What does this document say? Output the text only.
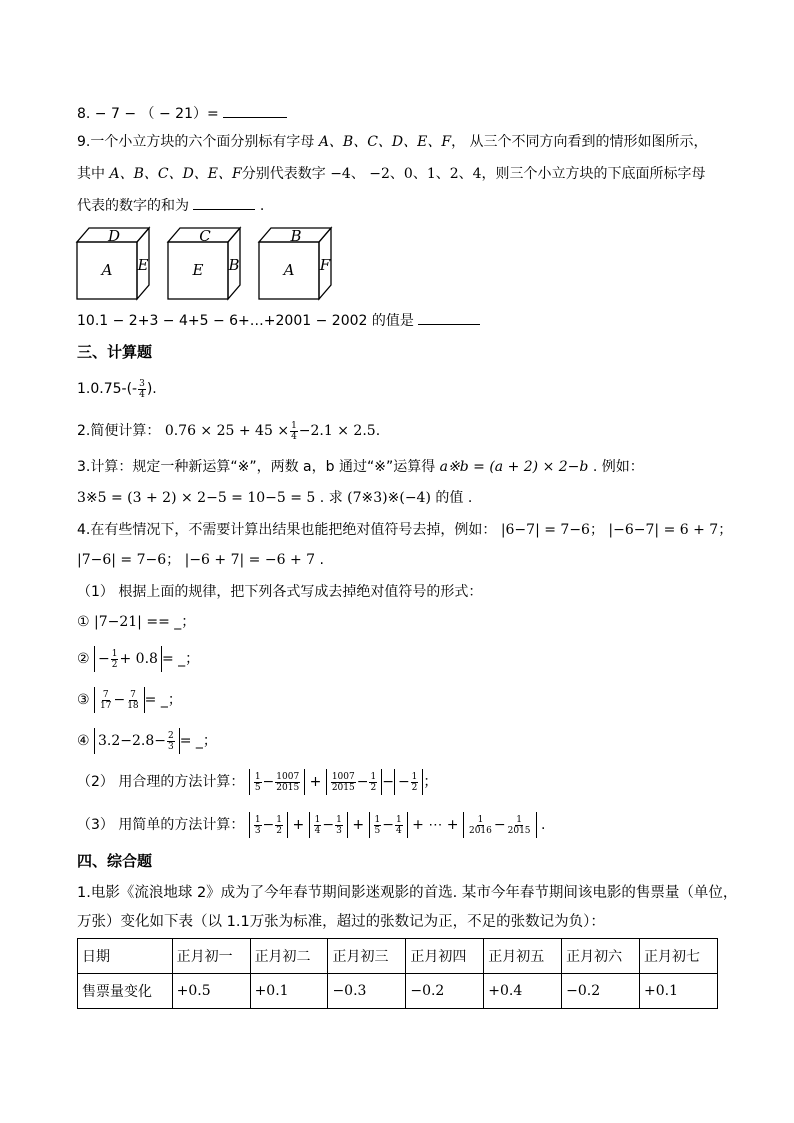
8. − 7 − （ − 21）=
9.一个小立方块的六个面分别标有字母 A、B、C、D、E、F， 从三个不同方向看到的情形如图所示，
其中 A、B、C、D、E、F分别代表数字 −4、 −2、0、1、2、4，则三个小立方块的下底面所标字母
代表的数字的和为	.
D
A E
C
E B
B
A F
10.1 − 2+3 − 4+5 − 6+…+2001 − 2002 的值是
三、计算题
$1.0.75-(- \frac{3}{4}$ ).
2.简便计算： $0.76 \times 25 + 45 \times \frac{1}{4} -2.1 \times 2.5$.
3.计算：规定一种新运算“※”，两数 a，b 通过“※”运算得 a※b = (a + 2) × 2−b . 例如：
3※5 = (3 + 2) × 2−5 = 10−5 = 5 . 求 (7※3)※(−4) 的值 .
4.在有些情况下，不需要计算出结果也能把绝对值符号去掉，例如： |6−7| = 7−6； |−6−7| = 6 + 7；
|7−6| = 7−6； |−6 + 7| = −6 + 7 .
（1） 根据上面的规律，把下列各式写成去掉绝对值符号的形式：
① |7−21| == _；
② − $\frac{1}{2} + 0.8$ = _；
③ $\frac{7}{17} - \frac{7}{18}$ = _；
④ $3.2-2.8- \frac{2}{3}$ = _；
（2） 用合理的方法计算： $\frac{1}{5} - \frac{1007}{2015} + \frac{1007}{2015} - \frac{1}{2}$ − − $\frac{1}{2}$ ；
（3） 用简单的方法计算： $\frac{1}{3} - \frac{1}{2} + \frac{1}{4} - \frac{1}{3} + \frac{1}{5} - \frac{1}{4}$ + ⋯ + $\frac{1}{2016} - \frac{1}{2015}$ .
四、综合题
1.电影《流浪地球 2》成为了今年春节期间影迷观影的首选. 某市今年春节期间该电影的售票量（单位，
万张）变化如下表（以 1.1万张为标准，超过的张数记为正，不足的张数记为负）：
日期	正月初一	正月初二	正月初三	正月初四	正月初五	正月初六	正月初七
售票量变化	+0.5	+0.1	−0.3	−0.2	+0.4	−0.2	+0.1
